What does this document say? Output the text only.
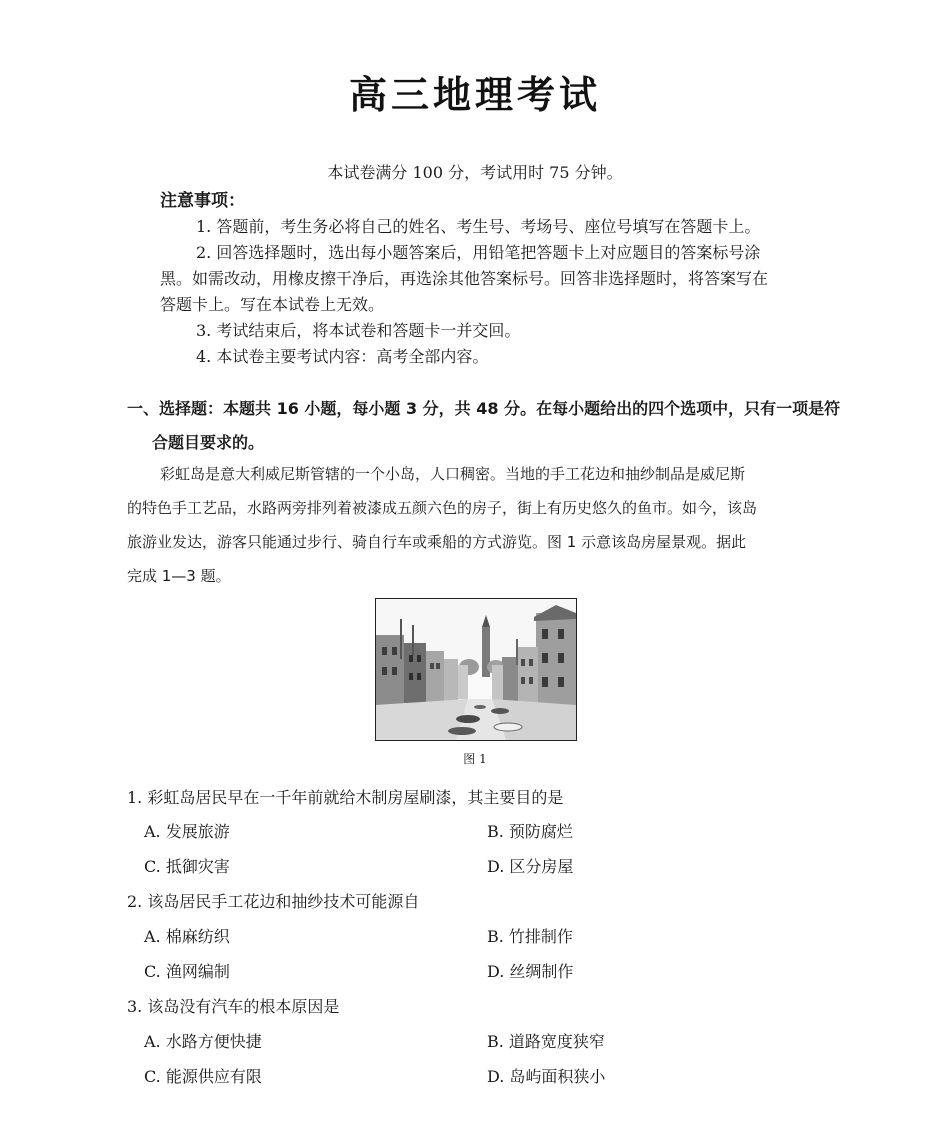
高三地理考试
本试卷满分 100 分，考试用时 75 分钟。
注意事项：
1. 答题前，考生务必将自己的姓名、考生号、考场号、座位号填写在答题卡上。
2. 回答选择题时，选出每小题答案后，用铅笔把答题卡上对应题目的答案标号涂
黑。如需改动，用橡皮擦干净后，再选涂其他答案标号。回答非选择题时，将答案写在
答题卡上。写在本试卷上无效。
3. 考试结束后，将本试卷和答题卡一并交回。
4. 本试卷主要考试内容：高考全部内容。
一、选择题：本题共 16 小题，每小题 3 分，共 48 分。在每小题给出的四个选项中，只有一项是符
合题目要求的。
彩虹岛是意大利威尼斯管辖的一个小岛，人口稠密。当地的手工花边和抽纱制品是威尼斯
的特色手工艺品，水路两旁排列着被漆成五颜六色的房子，街上有历史悠久的鱼市。如今，该岛
旅游业发达，游客只能通过步行、骑自行车或乘船的方式游览。图 1 示意该岛房屋景观。据此
完成 1—3 题。
图 1
1. 彩虹岛居民早在一千年前就给木制房屋刷漆，其主要目的是
A. 发展旅游	B. 预防腐烂
C. 抵御灾害	D. 区分房屋
2. 该岛居民手工花边和抽纱技术可能源自
A. 棉麻纺织	B. 竹排制作
C. 渔网编制	D. 丝绸制作
3. 该岛没有汽车的根本原因是
A. 水路方便快捷	B. 道路宽度狭窄
C. 能源供应有限	D. 岛屿面积狭小
